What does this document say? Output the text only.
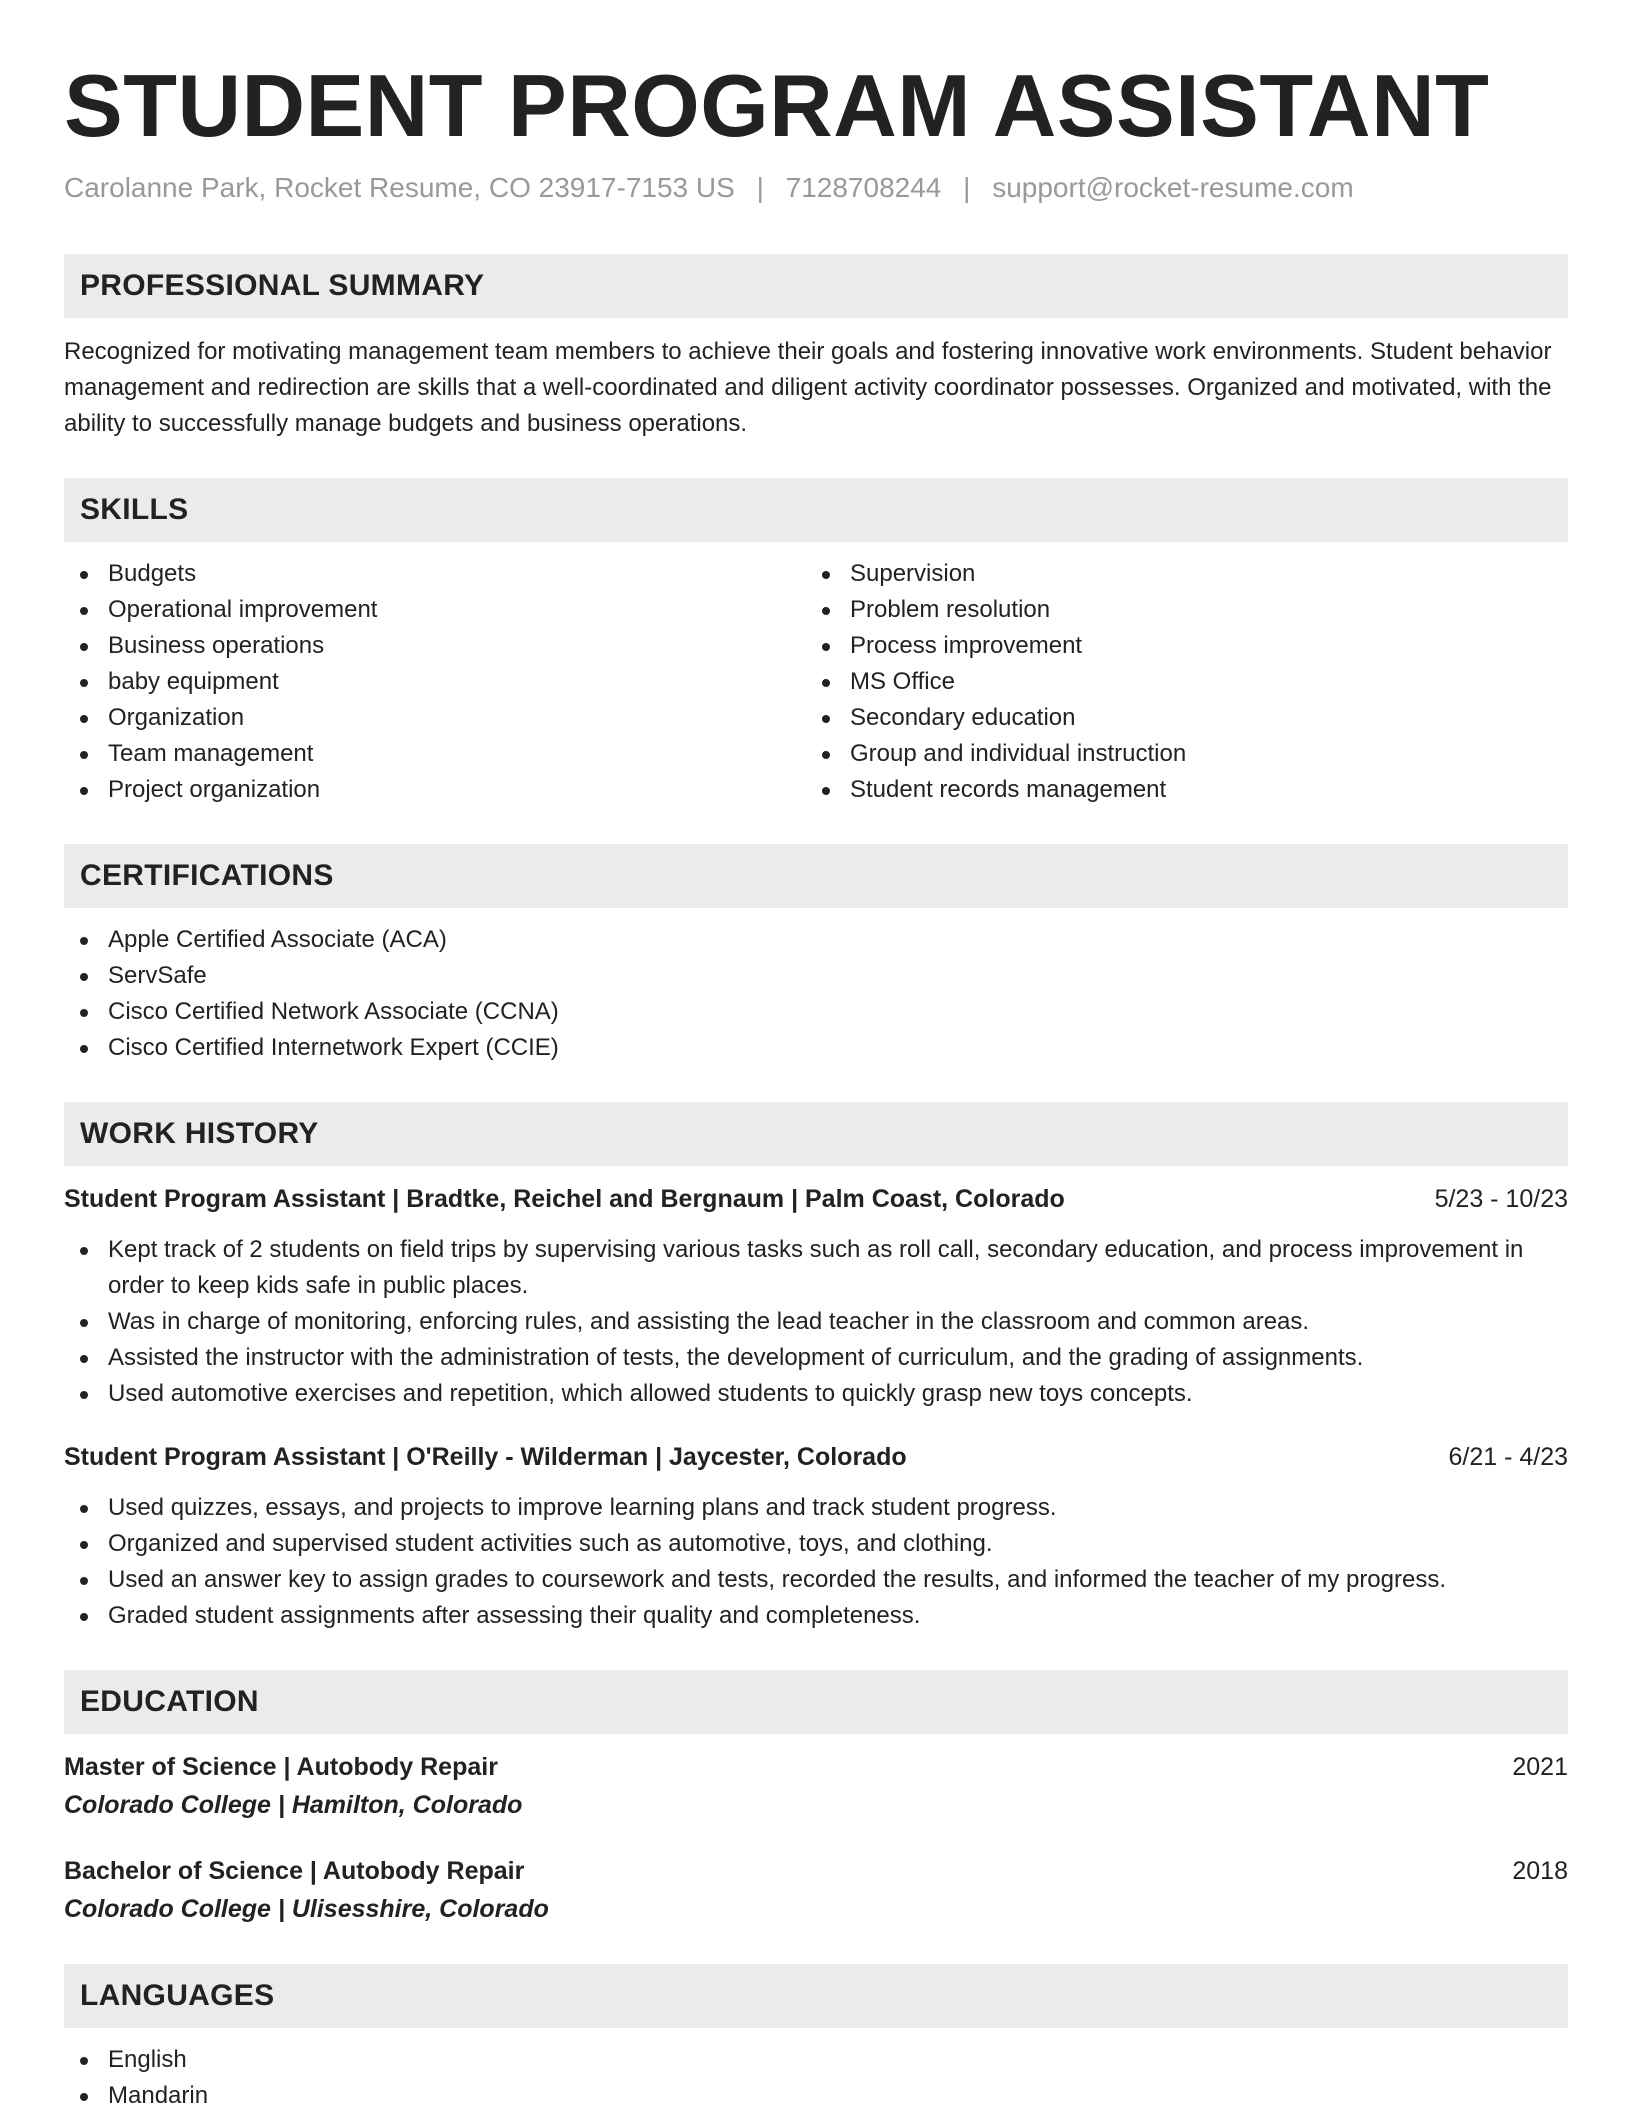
STUDENT PROGRAM ASSISTANT
Carolanne Park, Rocket Resume, CO 23917-7153 US | 7128708244 | support@rocket-resume.com
PROFESSIONAL SUMMARY

Recognized for motivating management team members to achieve their goals and fostering innovative work environments. Student behavior management and redirection are skills that a well-coordinated and diligent activity coordinator possesses. Organized and motivated, with the ability to successfully manage budgets and business operations.

SKILLS
Budgets
Operational improvement
Business operations
baby equipment
Organization
Team management
Project organization
Supervision
Problem resolution
Process improvement
MS Office
Secondary education
Group and individual instruction
Student records management
CERTIFICATIONS
Apple Certified Associate (ACA)
ServSafe
Cisco Certified Network Associate (CCNA)
Cisco Certified Internetwork Expert (CCIE)
WORK HISTORY
Student Program Assistant | Bradtke, Reichel and Bergnaum | Palm Coast, Colorado	5/23 - 10/23
Kept track of 2 students on field trips by supervising various tasks such as roll call, secondary education, and process improvement in order to keep kids safe in public places.
Was in charge of monitoring, enforcing rules, and assisting the lead teacher in the classroom and common areas.
Assisted the instructor with the administration of tests, the development of curriculum, and the grading of assignments.
Used automotive exercises and repetition, which allowed students to quickly grasp new toys concepts.
Student Program Assistant | O'Reilly - Wilderman | Jaycester, Colorado	6/21 - 4/23
Used quizzes, essays, and projects to improve learning plans and track student progress.
Organized and supervised student activities such as automotive, toys, and clothing.
Used an answer key to assign grades to coursework and tests, recorded the results, and informed the teacher of my progress.
Graded student assignments after assessing their quality and completeness.
EDUCATION
Master of Science | Autobody Repair	2021
Colorado College | Hamilton, Colorado
Bachelor of Science | Autobody Repair	2018
Colorado College | Ulisesshire, Colorado
LANGUAGES
English
Mandarin
